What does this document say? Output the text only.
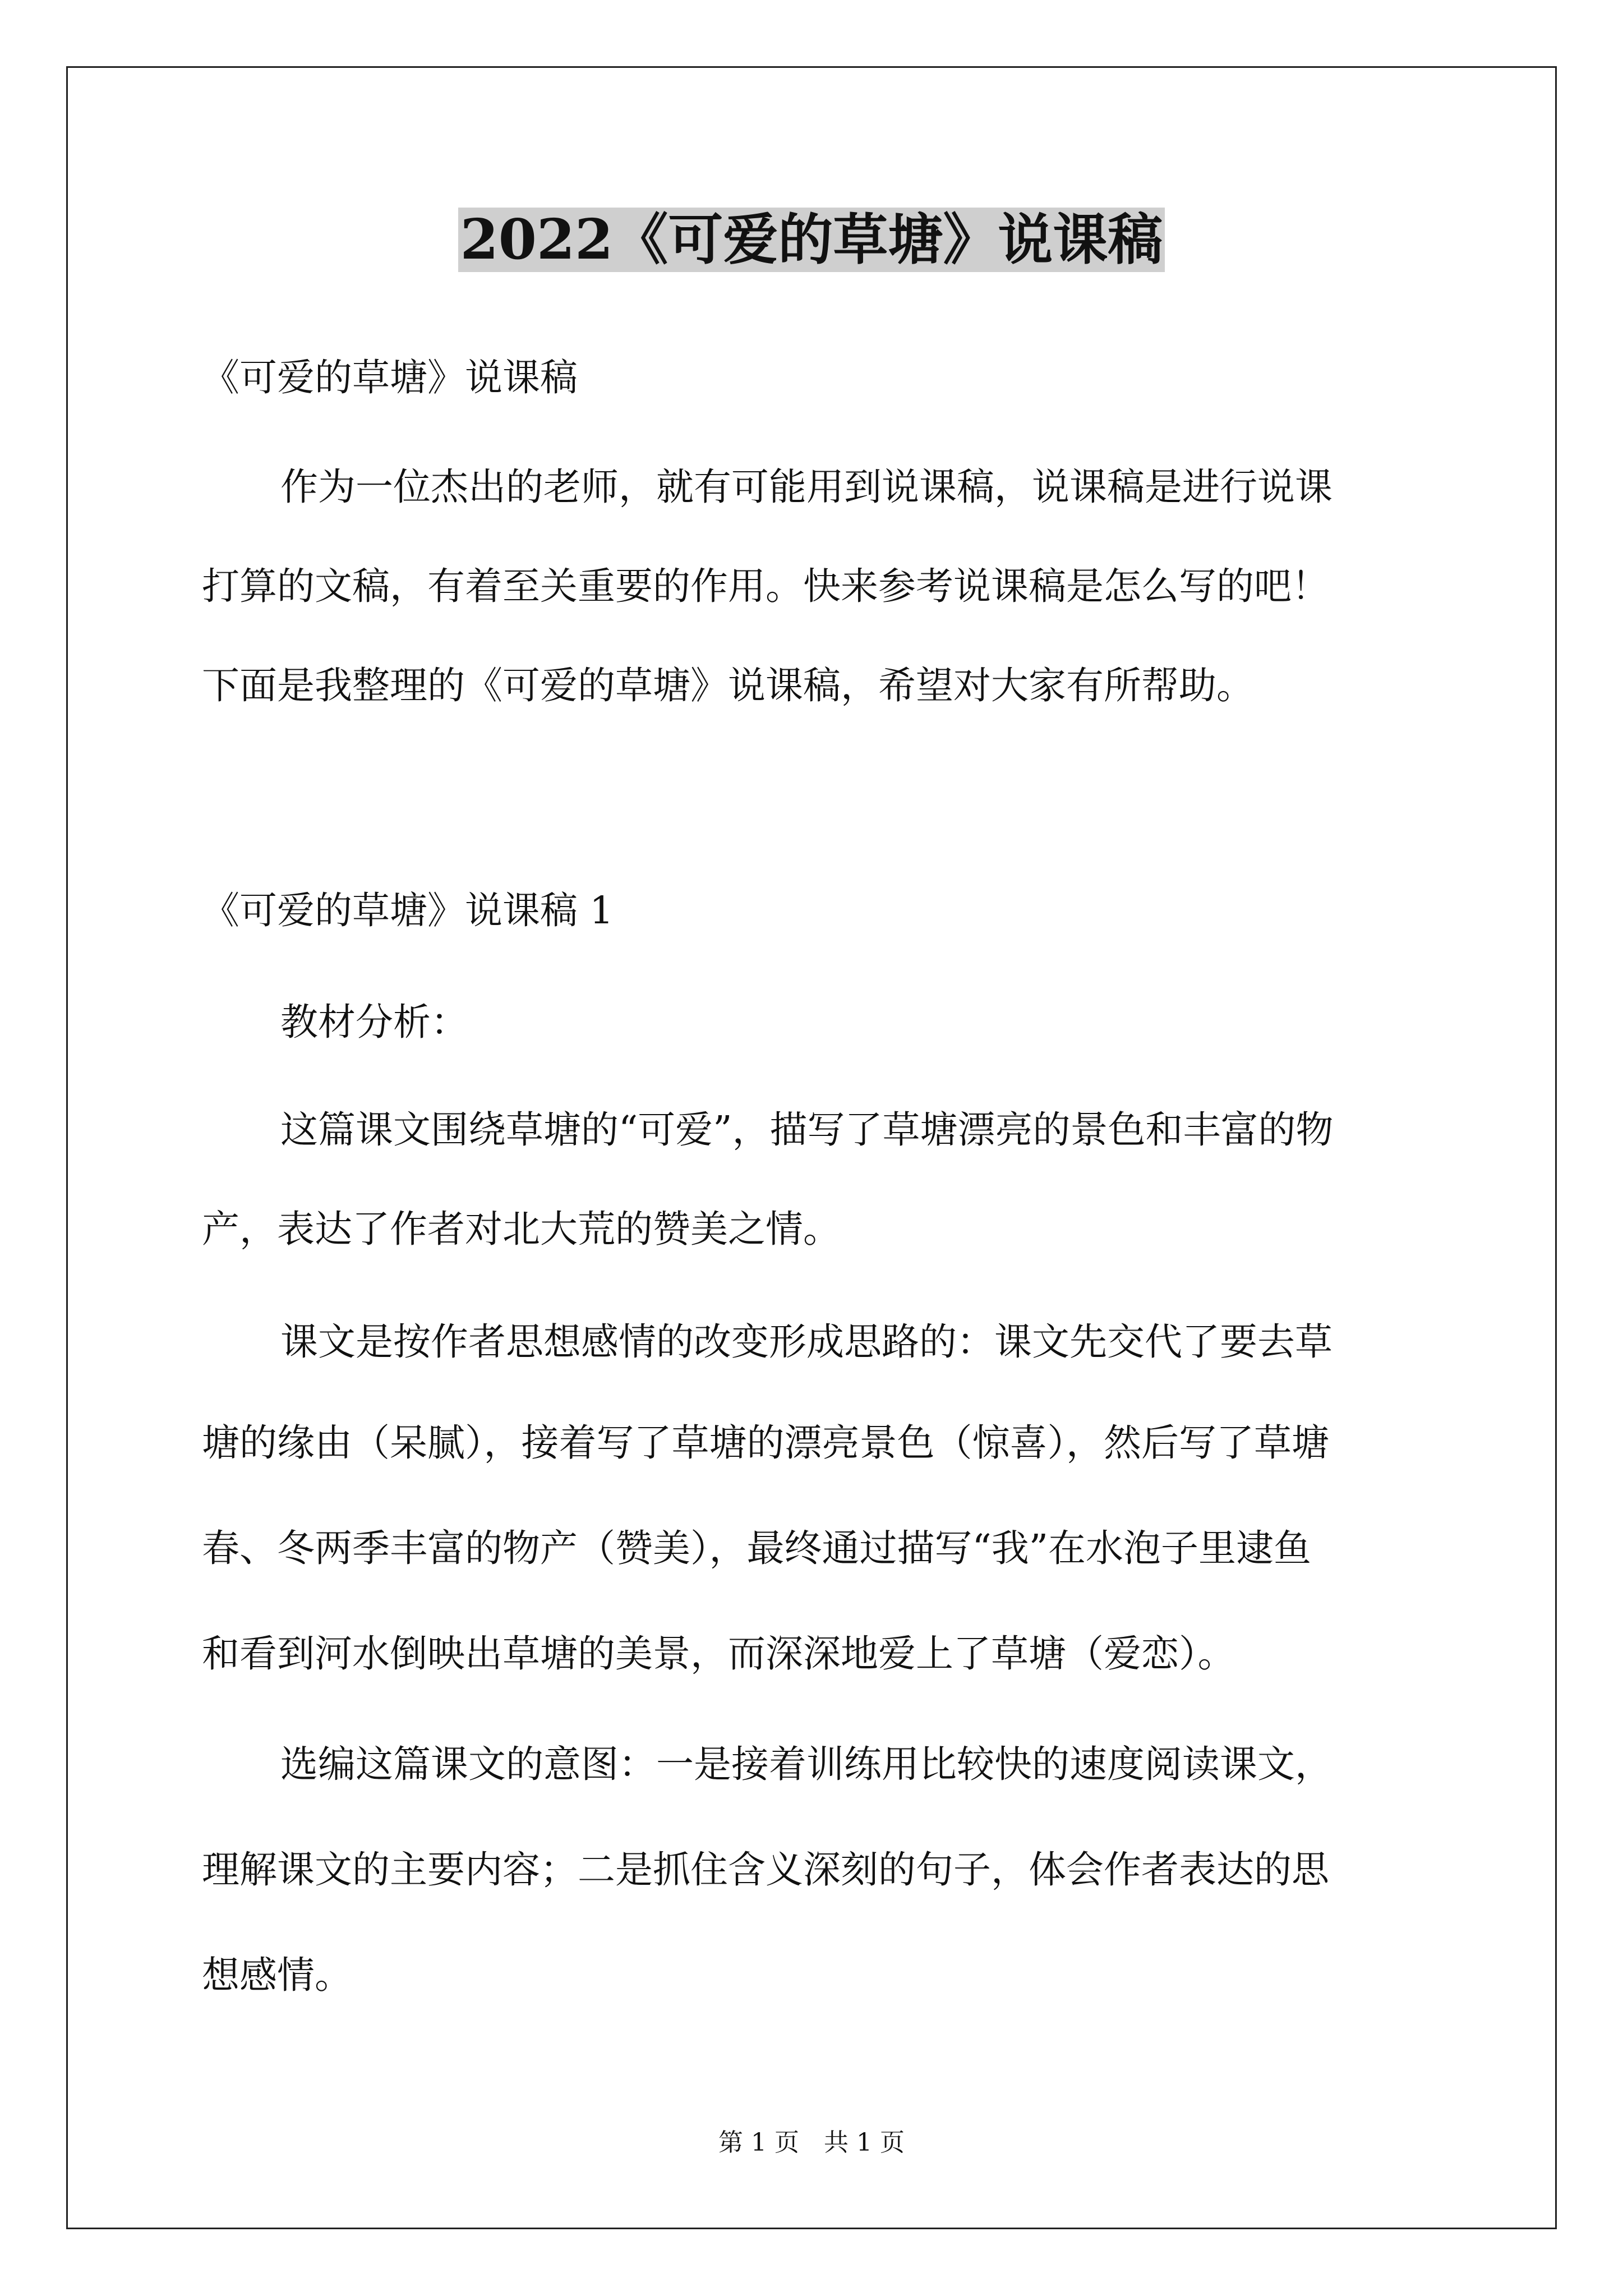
2022《可爱的草塘》说课稿
《可爱的草塘》说课稿
作为一位杰出的老师，就有可能用到说课稿，说课稿是进行说课
打算的文稿，有着至关重要的作用。快来参考说课稿是怎么写的吧！
下面是我整理的《可爱的草塘》说课稿，希望对大家有所帮助。
《可爱的草塘》说课稿 1
教材分析：
这篇课文围绕草塘的“可爱”，描写了草塘漂亮的景色和丰富的物
产，表达了作者对北大荒的赞美之情。
课文是按作者思想感情的改变形成思路的：课文先交代了要去草
塘的缘由（呆腻），接着写了草塘的漂亮景色（惊喜），然后写了草塘
春、冬两季丰富的物产（赞美），最终通过描写“我”在水泡子里逮鱼
和看到河水倒映出草塘的美景，而深深地爱上了草塘（爱恋）。
选编这篇课文的意图：一是接着训练用比较快的速度阅读课文，
理解课文的主要内容；二是抓住含义深刻的句子，体会作者表达的思
想感情。
第 1 页　共 1 页
